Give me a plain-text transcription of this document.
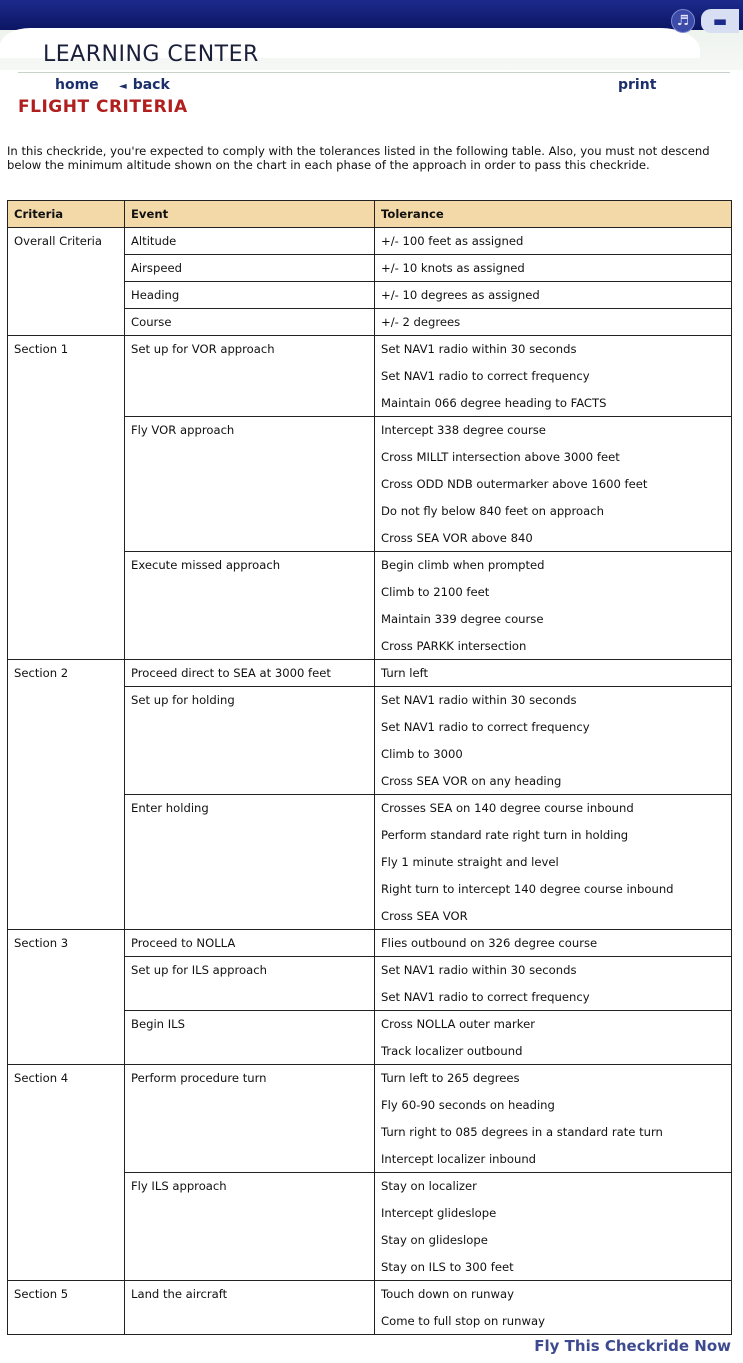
♬	▬
LEARNING CENTER
home ◄ back	print
FLIGHT CRITERIA

In this checkride, you're expected to comply with the tolerances listed in the following table. Also, you must not descend below the minimum altitude shown on the chart in each phase of the approach in order to pass this checkride.

Criteria	Event	Tolerance
Overall Criteria	Altitude	+/- 100 feet as assigned
	Airspeed	+/- 10 knots as assigned
	Heading	+/- 10 degrees as assigned
	Course	+/- 2 degrees
Section 1	Set up for VOR approach	Set NAV1 radio within 30 seconds
		Set NAV1 radio to correct frequency
		Maintain 066 degree heading to FACTS
	Fly VOR approach	Intercept 338 degree course
		Cross MILLT intersection above 3000 feet
		Cross ODD NDB outermarker above 1600 feet
		Do not fly below 840 feet on approach
		Cross SEA VOR above 840
	Execute missed approach	Begin climb when prompted
		Climb to 2100 feet
		Maintain 339 degree course
		Cross PARKK intersection
Section 2	Proceed direct to SEA at 3000 feet	Turn left
	Set up for holding	Set NAV1 radio within 30 seconds
		Set NAV1 radio to correct frequency
		Climb to 3000
		Cross SEA VOR on any heading
	Enter holding	Crosses SEA on 140 degree course inbound
		Perform standard rate right turn in holding
		Fly 1 minute straight and level
		Right turn to intercept 140 degree course inbound
		Cross SEA VOR
Section 3	Proceed to NOLLA	Flies outbound on 326 degree course
	Set up for ILS approach	Set NAV1 radio within 30 seconds
		Set NAV1 radio to correct frequency
	Begin ILS	Cross NOLLA outer marker
		Track localizer outbound
Section 4	Perform procedure turn	Turn left to 265 degrees
		Fly 60-90 seconds on heading
		Turn right to 085 degrees in a standard rate turn
		Intercept localizer inbound
	Fly ILS approach	Stay on localizer
		Intercept glideslope
		Stay on glideslope
		Stay on ILS to 300 feet
Section 5	Land the aircraft	Touch down on runway
		Come to full stop on runway
Fly This Checkride Now
